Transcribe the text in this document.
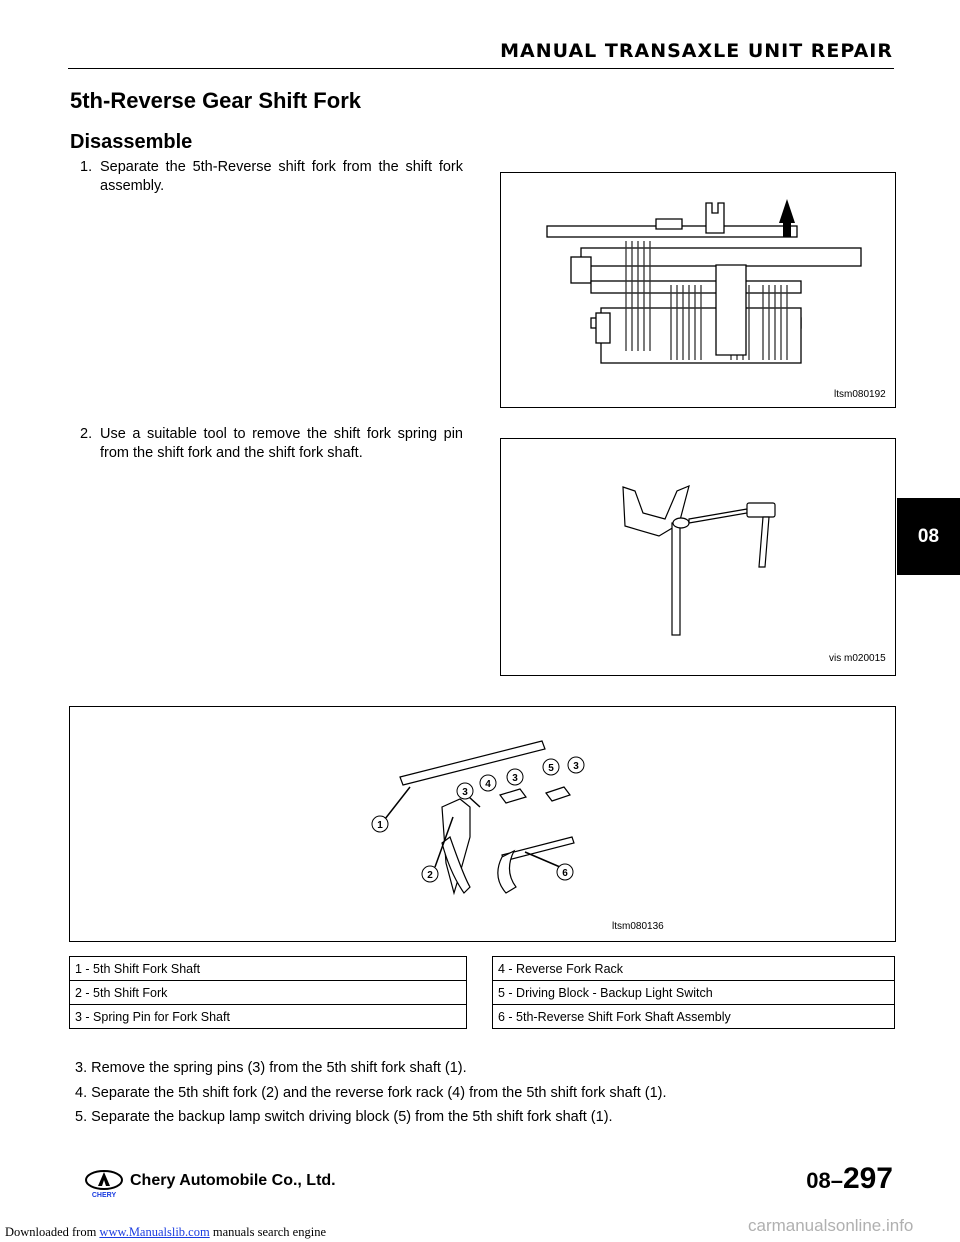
MANUAL TRANSAXLE UNIT REPAIR
5th-Reverse Gear Shift Fork
Disassemble
1. Separate the 5th-Reverse shift fork from the shift fork assembly.
2. Use a suitable tool to remove the shift fork spring pin from the shift fork and the shift fork shaft.
ltsm080192
vis m020015
1
2
3
4
3
5 3
6
ltsm080136
1 - 5th Shift Fork Shaft		4 - Reverse Fork Rack
2 - 5th Shift Fork		5 - Driving Block - Backup Light Switch
3 - Spring Pin for Fork Shaft		6 - 5th-Reverse Shift Fork Shaft Assembly
3. Remove the spring pins (3) from the 5th shift fork shaft (1).
4. Separate the 5th shift fork (2) and the reverse fork rack (4) from the 5th shift fork shaft (1).
5. Separate the backup lamp switch driving block (5) from the 5th shift fork shaft (1).
08
CHERY
Chery Automobile Co., Ltd.	08–297
Downloaded from www.Manualslib.com manuals search engine	carmanualsonline.info
